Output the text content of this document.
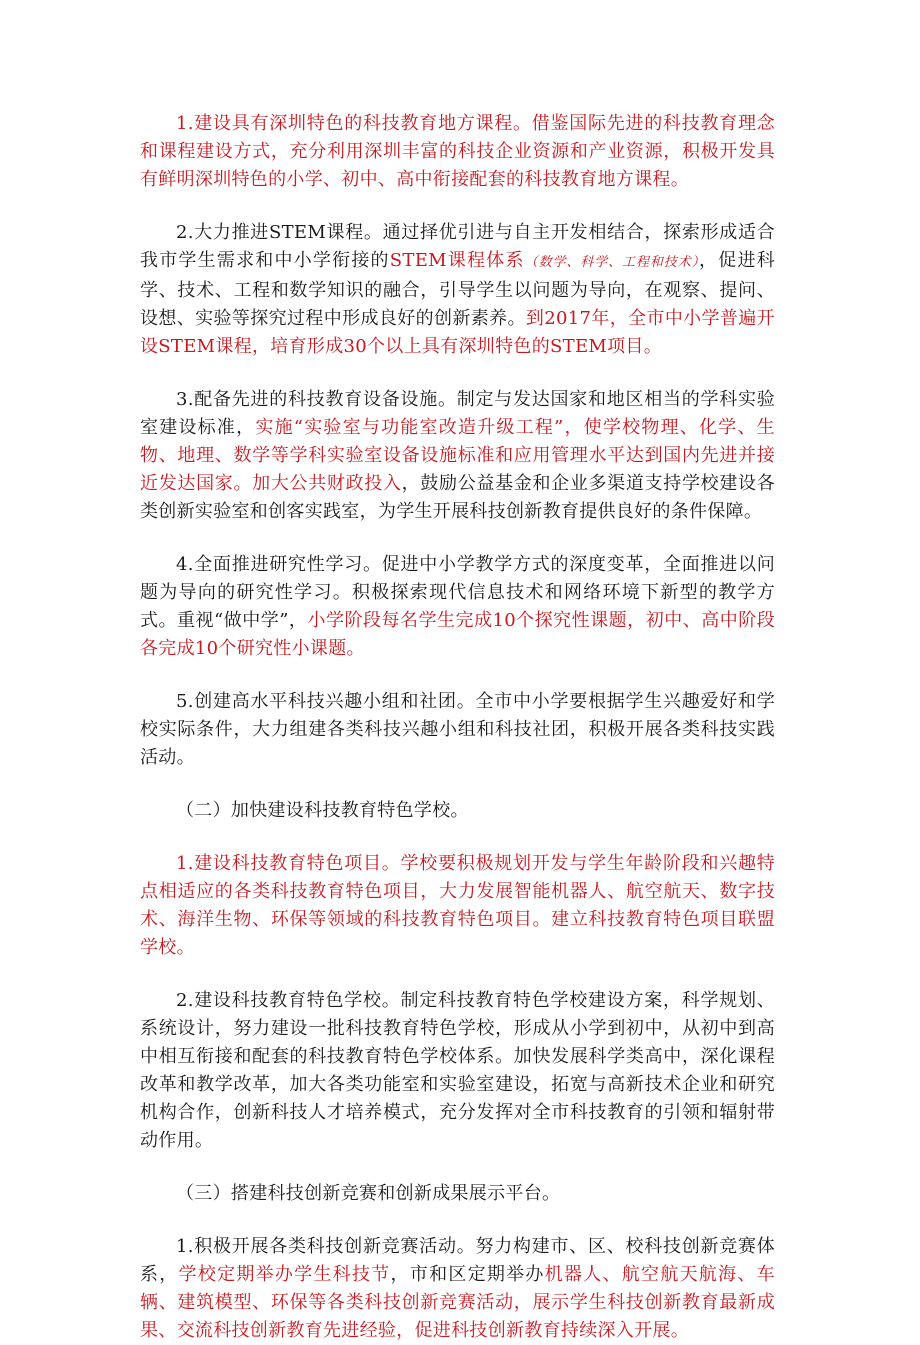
1.建设具有深圳特色的科技教育地方课程。借鉴国际先进的科技教育理念和课程建设方式，充分利用深圳丰富的科技企业资源和产业资源，积极开发具有鲜明深圳特色的小学、初中、高中衔接配套的科技教育地方课程。

2.大力推进STEM课程。通过择优引进与自主开发相结合，探索形成适合我市学生需求和中小学衔接的STEM课程体系（数学、科学、工程和技术），促进科学、技术、工程和数学知识的融合，引导学生以问题为导向，在观察、提问、设想、实验等探究过程中形成良好的创新素养。到2017年，全市中小学普遍开设STEM课程，培育形成30个以上具有深圳特色的STEM项目。

3.配备先进的科技教育设备设施。制定与发达国家和地区相当的学科实验室建设标准，实施“实验室与功能室改造升级工程”，使学校物理、化学、生物、地理、数学等学科实验室设备设施标准和应用管理水平达到国内先进并接近发达国家。加大公共财政投入，鼓励公益基金和企业多渠道支持学校建设各类创新实验室和创客实践室，为学生开展科技创新教育提供良好的条件保障。

4.全面推进研究性学习。促进中小学教学方式的深度变革，全面推进以问题为导向的研究性学习。积极探索现代信息技术和网络环境下新型的教学方式。重视“做中学”，小学阶段每名学生完成10个探究性课题，初中、高中阶段各完成10个研究性小课题。

5.创建高水平科技兴趣小组和社团。全市中小学要根据学生兴趣爱好和学校实际条件，大力组建各类科技兴趣小组和科技社团，积极开展各类科技实践活动。

（二）加快建设科技教育特色学校。

1.建设科技教育特色项目。学校要积极规划开发与学生年龄阶段和兴趣特点相适应的各类科技教育特色项目，大力发展智能机器人、航空航天、数字技术、海洋生物、环保等领域的科技教育特色项目。建立科技教育特色项目联盟学校。

2.建设科技教育特色学校。制定科技教育特色学校建设方案，科学规划、系统设计，努力建设一批科技教育特色学校，形成从小学到初中，从初中到高中相互衔接和配套的科技教育特色学校体系。加快发展科学类高中，深化课程改革和教学改革，加大各类功能室和实验室建设，拓宽与高新技术企业和研究机构合作，创新科技人才培养模式，充分发挥对全市科技教育的引领和辐射带动作用。

（三）搭建科技创新竞赛和创新成果展示平台。

1.积极开展各类科技创新竞赛活动。努力构建市、区、校科技创新竞赛体系，学校定期举办学生科技节，市和区定期举办机器人、航空航天航海、车辆、建筑模型、环保等各类科技创新竞赛活动，展示学生科技创新教育最新成果、交流科技创新教育先进经验，促进科技创新教育持续深入开展。
